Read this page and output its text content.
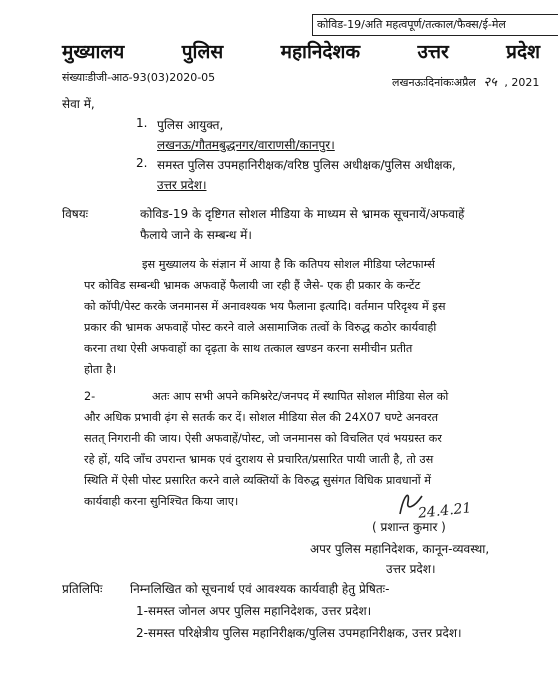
कोविड-19/अति महत्वपूर्ण/तत्काल/फैक्स/ई-मेल
मुख्यालय	पुलिस	महानिदेशक	उत्तर	प्रदेश
संख्याःडीजी-आठ-93(03)2020-05	लखनऊःदिनांकःअप्रैल २५ , 2021
सेवा में,
1. पुलिस आयुक्त,
लखनऊ/गौतमबुद्धनगर/वाराणसी/कानपुर।
2. समस्त पुलिस उपमहानिरीक्षक/वरिष्ठ पुलिस अधीक्षक/पुलिस अधीक्षक,
उत्तर प्रदेश।
विषयः	कोविड-19 के दृष्टिगत सोशल मीडिया के माध्यम से भ्रामक सूचनायें/अफवाहें
फैलाये जाने के सम्बन्ध में।
इस मुख्यालय के संज्ञान में आया है कि कतिपय सोशल मीडिया प्लेटफार्म्स
पर कोविड सम्बन्धी भ्रामक अफवाहें फैलायी जा रही हैं जैसे- एक ही प्रकार के कन्टेंट
को कॉपी/पेस्ट करके जनमानस में अनावश्यक भय फैलाना इत्यादि। वर्तमान परिदृश्य में इस
प्रकार की भ्रामक अफवाहें पोस्ट करने वाले असामाजिक तत्वों के विरुद्ध कठोर कार्यवाही
करना तथा ऐसी अफवाहों का दृढ़ता के साथ तत्काल खण्डन करना समीचीन प्रतीत
होता है।
2-	अतः आप सभी अपने कमिश्नरेट/जनपद में स्थापित सोशल मीडिया सेल को
और अधिक प्रभावी ढ़ंग से सतर्क कर दें। सोशल मीडिया सेल की 24X07 घण्टे अनवरत
सतत् निगरानी की जाय। ऐसी अफवाहें/पोस्ट, जो जनमानस को विचलित एवं भयग्रस्त कर
रहे हों, यदि जाँच उपरान्त भ्रामक एवं दुराशय से प्रचारित/प्रसारित पायी जाती है, तो उस
स्थिति में ऐसी पोस्ट प्रसारित करने वाले व्यक्तियों के विरुद्ध सुसंगत विधिक प्रावधानों में
कार्यवाही करना सुनिश्चित किया जाए।	24.4.21
( प्रशान्त कुमार )
अपर पुलिस महानिदेशक, कानून-व्यवस्था,
उत्तर प्रदेश।
प्रतिलिपिः निम्नलिखित को सूचनार्थ एवं आवश्यक कार्यवाही हेतु प्रेषितः-
1-समस्त जोनल अपर पुलिस महानिदेशक, उत्तर प्रदेश।
2-समस्त परिक्षेत्रीय पुलिस महानिरीक्षक/पुलिस उपमहानिरीक्षक, उत्तर प्रदेश।
